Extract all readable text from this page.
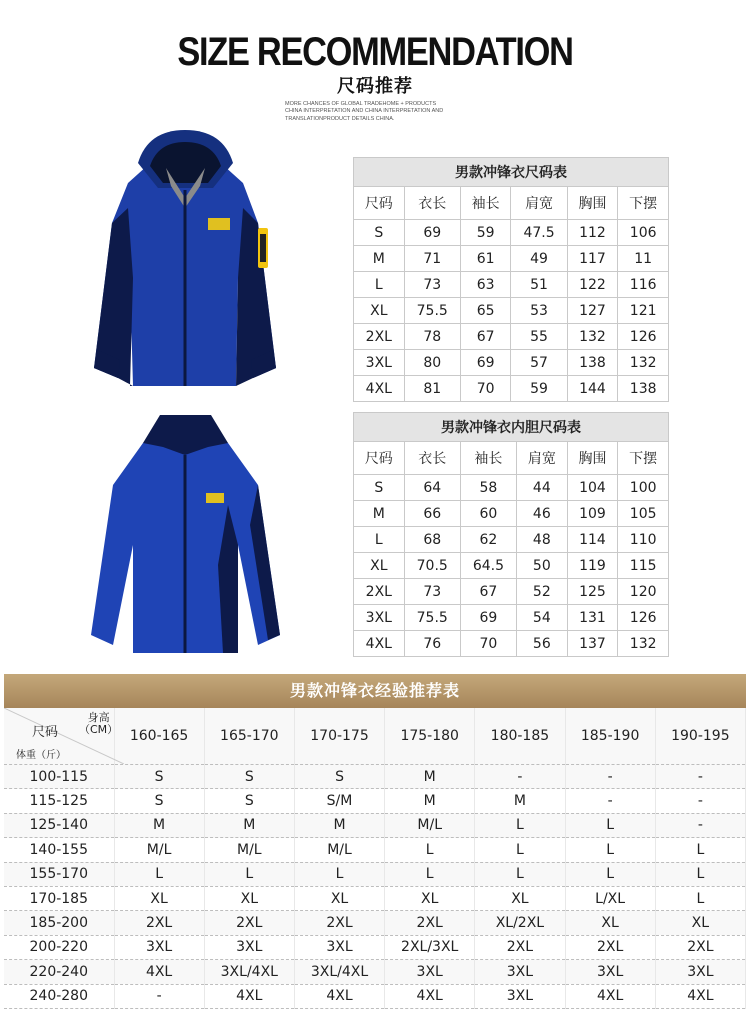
SIZE RECOMMENDATION
尺码推荐
MORE CHANCES OF GLOBAL TRADEHOME + PRODUCTS
CHINA INTERPRETATION AND CHINA INTERPRETATION AND
TRANSLATIONPRODUCT DETAILS CHINA.
男款冲锋衣尺码表					
尺码	衣长	袖长	肩宽	胸围	下摆
S	69	59	47.5	112	106
M	71	61	49	117	11
L	73	63	51	122	116
XL	75.5	65	53	127	121
2XL	78	67	55	132	126
3XL	80	69	57	138	132
4XL	81	70	59	144	138
男款冲锋衣内胆尺码表					
尺码	衣长	袖长	肩宽	胸围	下摆
S	64	58	44	104	100
M	66	60	46	109	105
L	68	62	48	114	110
XL	70.5	64.5	50	119	115
2XL	73	67	52	125	120
3XL	75.5	69	54	131	126
4XL	76	70	56	137	132
男款冲锋衣经验推荐表
身高
（CM）
尺码
体重（斤）	160-165	165-170	170-175	175-180	180-185	185-190	190-195
100-115	S	S	S	M	-	-	-
115-125	S	S	S/M	M	M	-	-
125-140	M	M	M	M/L	L	L	-
140-155	M/L	M/L	M/L	L	L	L	L
155-170	L	L	L	L	L	L	L
170-185	XL	XL	XL	XL	XL	L/XL	L
185-200	2XL	2XL	2XL	2XL	XL/2XL	XL	XL
200-220	3XL	3XL	3XL	2XL/3XL	2XL	2XL	2XL
220-240	4XL	3XL/4XL	3XL/4XL	3XL	3XL	3XL	3XL
240-280	-	4XL	4XL	4XL	3XL	4XL	4XL
